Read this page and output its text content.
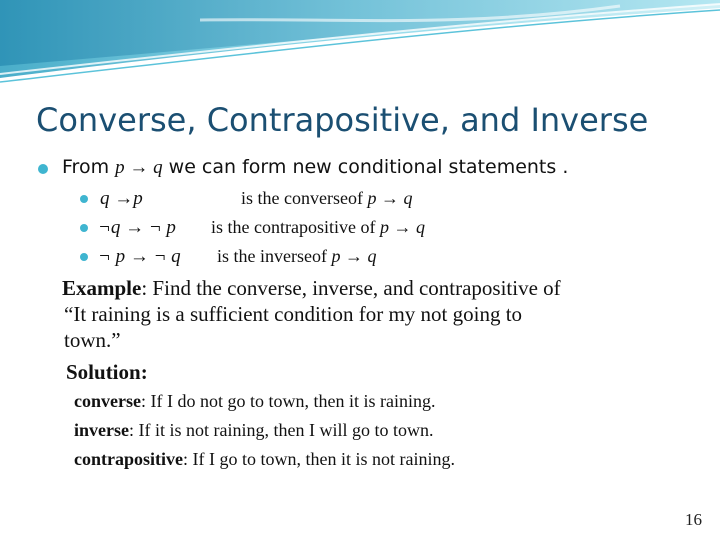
Converse, Contrapositive, and Inverse
From p → q we can form new conditional statements .
q →p	is the converseof p → q
¬q → ¬ p is the contrapositive of p → q
¬ p → ¬ q is the inverseof p → q
Example: Find the converse, inverse, and contrapositive of
“It raining is a sufficient condition for my not going to
town.”
Solution:
converse: If I do not go to town, then it is raining.
inverse: If it is not raining, then I will go to town.
contrapositive: If I go to town, then it is not raining.
16
